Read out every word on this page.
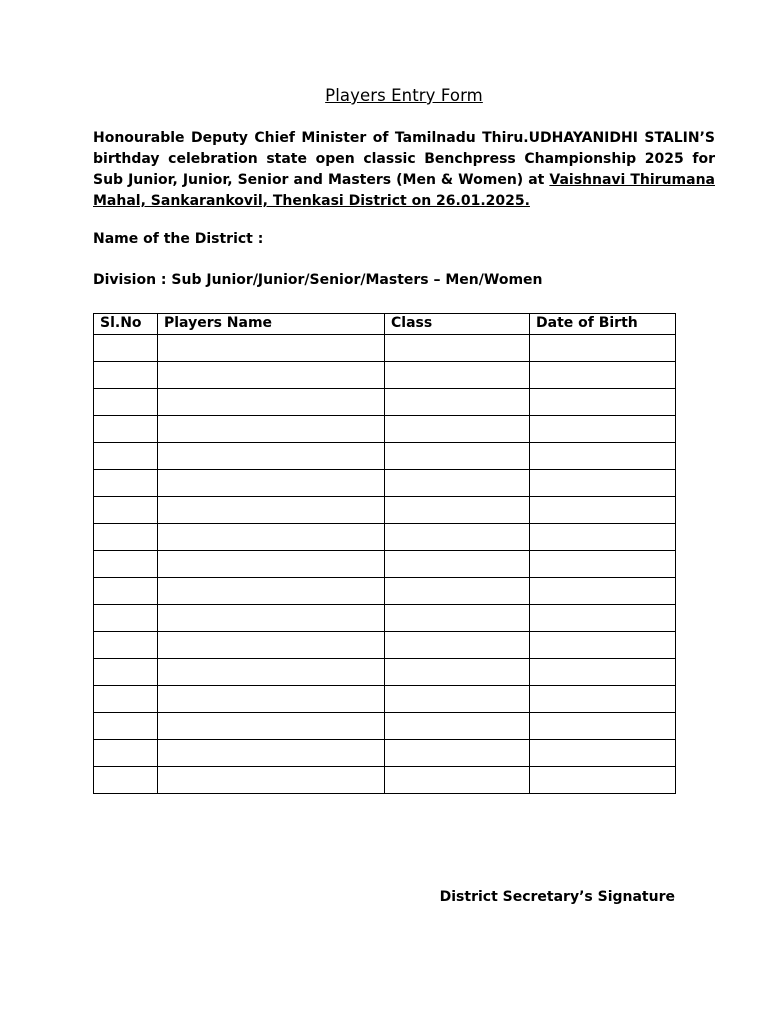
Players Entry Form
Honourable Deputy Chief Minister of Tamilnadu Thiru.UDHAYANIDHI STALIN’S birthday celebration state open classic Benchpress Championship 2025 for Sub Junior, Junior, Senior and Masters (Men & Women) at Vaishnavi Thirumana Mahal, Sankarankovil, Thenkasi District on 26.01.2025.
Name of the District :
Division : Sub Junior/Junior/Senior/Masters – Men/Women
Sl.No	Players Name	Class	Date of Birth

District Secretary’s Signature
